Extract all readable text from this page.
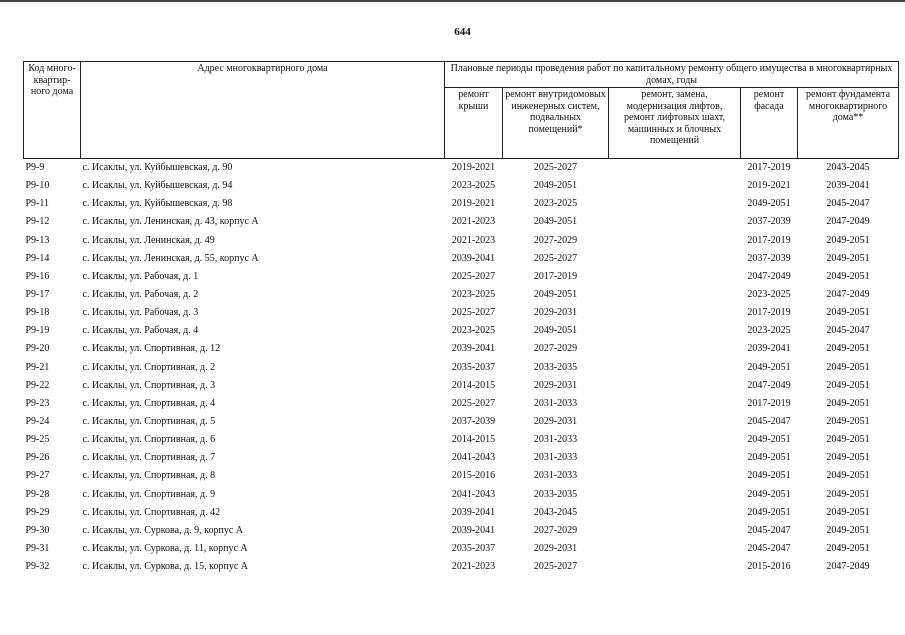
644
Код много-квартир-ного дома	Адрес многоквартирного дома	Плановые периоды проведения работ по капитальному ремонту общего имущества в многоквартирных домах, годы				
		ремонт крыши	ремонт внутридомовых инженерных систем, подвальных помещений*	ремонт, замена, модернизация лифтов, ремонт лифтовых шахт, машинных и блочных помещений	ремонт фасада	ремонт фундамента многоквартирного дома**
Р9-9	с. Исаклы, ул. Куйбышевская, д. 90	2019-2021	2025-2027		2017-2019	2043-2045
Р9-10	с. Исаклы, ул. Куйбышевская, д. 94	2023-2025	2049-2051		2019-2021	2039-2041
Р9-11	с. Исаклы, ул. Куйбышевская, д. 98	2019-2021	2023-2025		2049-2051	2045-2047
Р9-12	с. Исаклы, ул. Ленинская, д. 43, корпус А	2021-2023	2049-2051		2037-2039	2047-2049
Р9-13	с. Исаклы, ул. Ленинская, д. 49	2021-2023	2027-2029		2017-2019	2049-2051
Р9-14	с. Исаклы, ул. Ленинская, д. 55, корпус А	2039-2041	2025-2027		2037-2039	2049-2051
Р9-16	с. Исаклы, ул. Рабочая, д. 1	2025-2027	2017-2019		2047-2049	2049-2051
Р9-17	с. Исаклы, ул. Рабочая, д. 2	2023-2025	2049-2051		2023-2025	2047-2049
Р9-18	с. Исаклы, ул. Рабочая, д. 3	2025-2027	2029-2031		2017-2019	2049-2051
Р9-19	с. Исаклы, ул. Рабочая, д. 4	2023-2025	2049-2051		2023-2025	2045-2047
Р9-20	с. Исаклы, ул. Спортивная, д. 12	2039-2041	2027-2029		2039-2041	2049-2051
Р9-21	с. Исаклы, ул. Спортивная, д. 2	2035-2037	2033-2035		2049-2051	2049-2051
Р9-22	с. Исаклы, ул. Спортивная, д. 3	2014-2015	2029-2031		2047-2049	2049-2051
Р9-23	с. Исаклы, ул. Спортивная, д. 4	2025-2027	2031-2033		2017-2019	2049-2051
Р9-24	с. Исаклы, ул. Спортивная, д. 5	2037-2039	2029-2031		2045-2047	2049-2051
Р9-25	с. Исаклы, ул. Спортивная, д. 6	2014-2015	2031-2033		2049-2051	2049-2051
Р9-26	с. Исаклы, ул. Спортивная, д. 7	2041-2043	2031-2033		2049-2051	2049-2051
Р9-27	с. Исаклы, ул. Спортивная, д. 8	2015-2016	2031-2033		2049-2051	2049-2051
Р9-28	с. Исаклы, ул. Спортивная, д. 9	2041-2043	2033-2035		2049-2051	2049-2051
Р9-29	с. Исаклы, ул. Спортивная, д. 42	2039-2041	2043-2045		2049-2051	2049-2051
Р9-30	с. Исаклы, ул. Суркова, д. 9, корпус А	2039-2041	2027-2029		2045-2047	2049-2051
Р9-31	с. Исаклы, ул. Суркова, д. 11, корпус А	2035-2037	2029-2031		2045-2047	2049-2051
Р9-32	с. Исаклы, ул. Суркова, д. 15, корпус А	2021-2023	2025-2027		2015-2016	2047-2049
